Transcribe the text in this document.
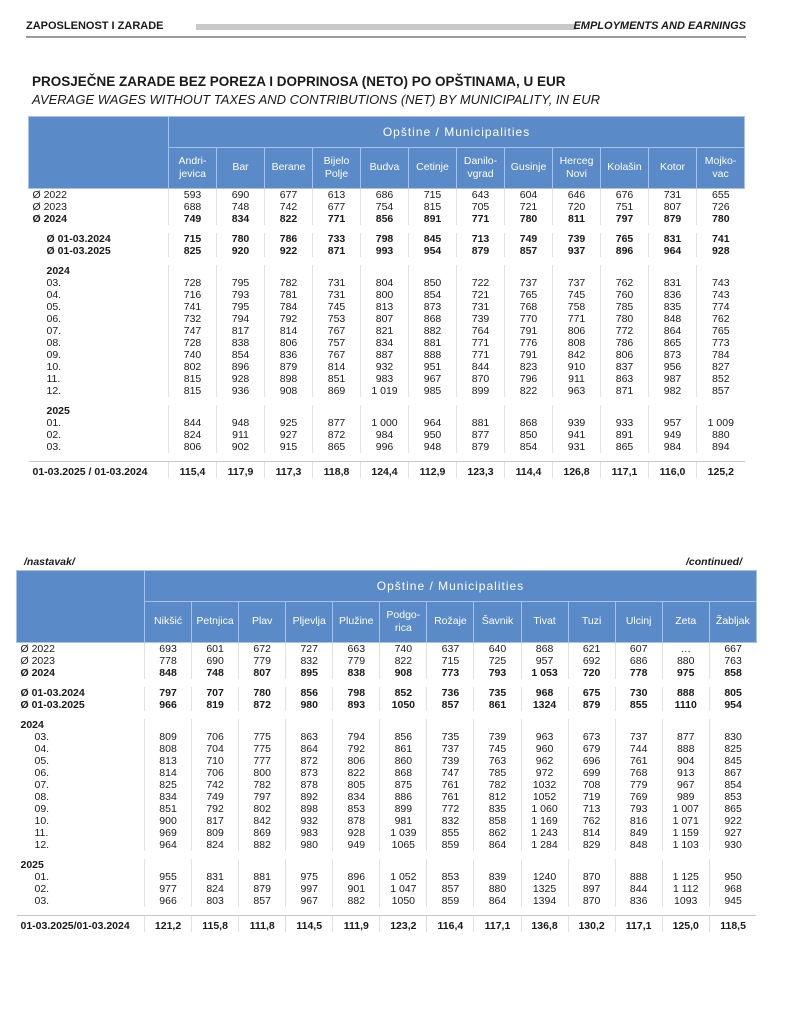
ZAPOSLENOST I ZARADE	EMPLOYMENTS AND EARNINGS
PROSJEČNE ZARADE BEZ POREZA I DOPRINOSA (NETO) PO OPŠTINAMA, U EUR
AVERAGE WAGES WITHOUT TAXES AND CONTRIBUTIONS (NET) BY MUNICIPALITY, IN EUR
	Opštine / Municipalities											
	Andri-
jevica	Bar	Berane	Bijelo
Polje	Budva	Cetinje	Danilo-
vgrad	Gusinje	Herceg
Novi	Kolašin	Kotor	Mojko-
vac
Ø 2022	593	690	677	613	686	715	643	604	646	676	731	655
Ø 2023	688	748	742	677	754	815	705	721	720	751	807	726
Ø 2024	749	834	822	771	856	891	771	780	811	797	879	780

Ø 01-03.2024	715	780	786	733	798	845	713	749	739	765	831	741
Ø 01-03.2025	825	920	922	871	993	954	879	857	937	896	964	928

2024												
03.	728	795	782	731	804	850	722	737	737	762	831	743
04.	716	793	781	731	800	854	721	765	745	760	836	743
05.	741	795	784	745	813	873	731	768	758	785	835	774
06.	732	794	792	753	807	868	739	770	771	780	848	762
07.	747	817	814	767	821	882	764	791	806	772	864	765
08.	728	838	806	757	834	881	771	776	808	786	865	773
09.	740	854	836	767	887	888	771	791	842	806	873	784
10.	802	896	879	814	932	951	844	823	910	837	956	827
11.	815	928	898	851	983	967	870	796	911	863	987	852
12.	815	936	908	869	1 019	985	899	822	963	871	982	857

2025												
01.	844	948	925	877	1 000	964	881	868	939	933	957	1 009
02.	824	911	927	872	984	950	877	850	941	891	949	880
03.	806	902	915	865	996	948	879	854	931	865	984	894

01-03.2025 / 01-03.2024	115,4	117,9	117,3	118,8	124,4	112,9	123,3	114,4	126,8	117,1	116,0	125,2
/nastavak/	/continued/
	Opštine / Municipalities												
	Nikšić	Petnjica	Plav	Pljevlja	Plužine	Podgo-
rica	Rožaje	Šavnik	Tivat	Tuzi	Ulcinj	Zeta	Žabljak
Ø 2022	693	601	672	727	663	740	637	640	868	621	607	…	667
Ø 2023	778	690	779	832	779	822	715	725	957	692	686	880	763
Ø 2024	848	748	807	895	838	908	773	793	1 053	720	778	975	858

Ø 01-03.2024	797	707	780	856	798	852	736	735	968	675	730	888	805
Ø 01-03.2025	966	819	872	980	893	1050	857	861	1324	879	855	1110	954

2024													
03.	809	706	775	863	794	856	735	739	963	673	737	877	830
04.	808	704	775	864	792	861	737	745	960	679	744	888	825
05.	813	710	777	872	806	860	739	763	962	696	761	904	845
06.	814	706	800	873	822	868	747	785	972	699	768	913	867
07.	825	742	782	878	805	875	761	782	1032	708	779	967	854
08.	834	749	797	892	834	886	761	812	1052	719	769	989	853
09.	851	792	802	898	853	899	772	835	1 060	713	793	1 007	865
10.	900	817	842	932	878	981	832	858	1 169	762	816	1 071	922
11.	969	809	869	983	928	1 039	855	862	1 243	814	849	1 159	927
12.	964	824	882	980	949	1065	859	864	1 284	829	848	1 103	930

2025													
01.	955	831	881	975	896	1 052	853	839	1240	870	888	1 125	950
02.	977	824	879	997	901	1 047	857	880	1325	897	844	1 112	968
03.	966	803	857	967	882	1050	859	864	1394	870	836	1093	945

01-03.2025/01-03.2024	121,2	115,8	111,8	114,5	111,9	123,2	116,4	117,1	136,8	130,2	117,1	125,0	118,5
